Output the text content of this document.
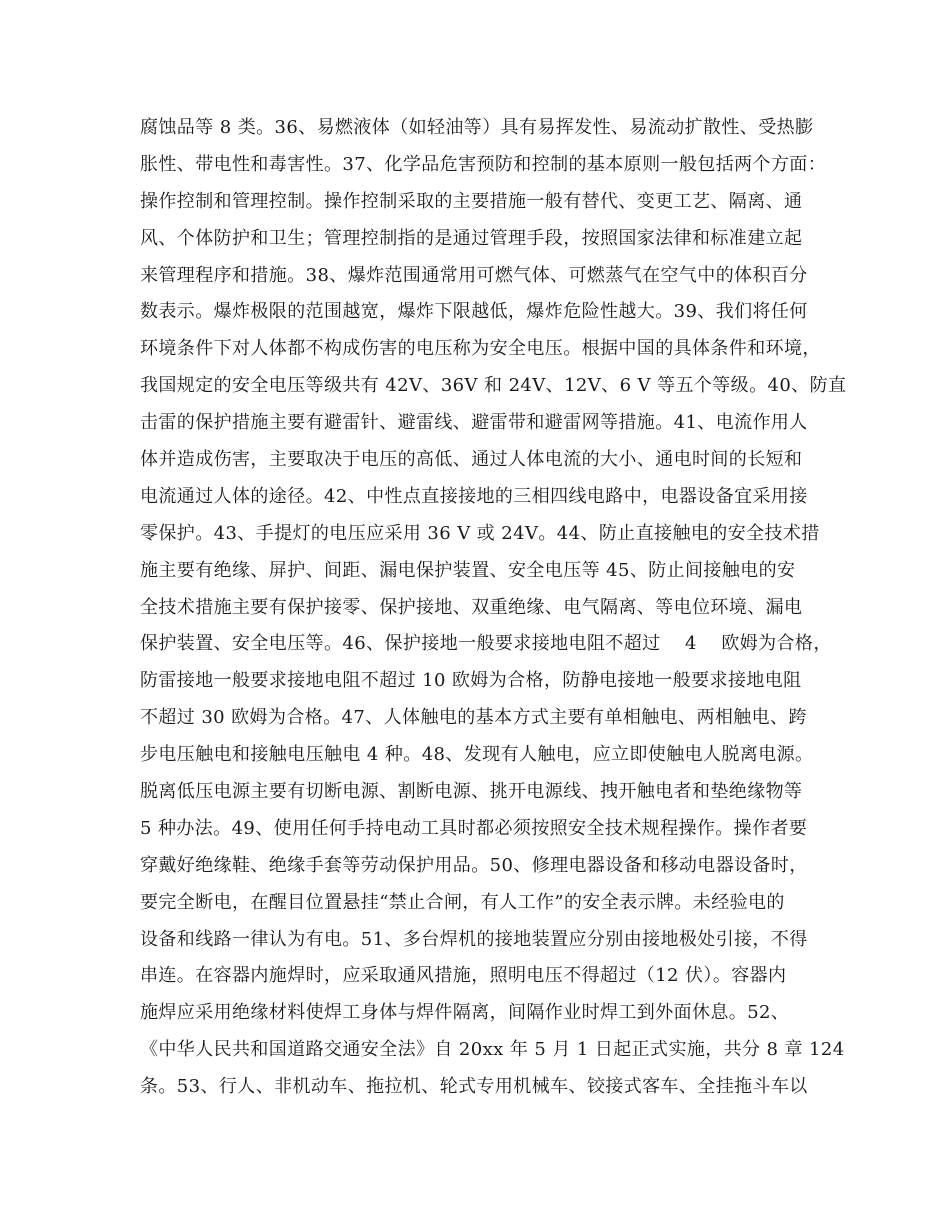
腐蚀品等 8 类。36、易燃液体（如轻油等）具有易挥发性、易流动扩散性、受热膨
胀性、带电性和毒害性。37、化学品危害预防和控制的基本原则一般包括两个方面：
操作控制和管理控制。操作控制采取的主要措施一般有替代、变更工艺、隔离、通
风、个体防护和卫生；管理控制指的是通过管理手段，按照国家法律和标准建立起
来管理程序和措施。38、爆炸范围通常用可燃气体、可燃蒸气在空气中的体积百分
数表示。爆炸极限的范围越宽，爆炸下限越低，爆炸危险性越大。39、我们将任何
环境条件下对人体都不构成伤害的电压称为安全电压。根据中国的具体条件和环境，
我国规定的安全电压等级共有 42V、36V 和 24V、12V、6 V 等五个等级。40、防直
击雷的保护措施主要有避雷针、避雷线、避雷带和避雷网等措施。41、电流作用人
体并造成伤害，主要取决于电压的高低、通过人体电流的大小、通电时间的长短和
电流通过人体的途径。42、中性点直接接地的三相四线电路中，电器设备宜采用接
零保护。43、手提灯的电压应采用 36 V 或 24V。44、防止直接触电的安全技术措
施主要有绝缘、屏护、间距、漏电保护装置、安全电压等 45、防止间接触电的安
全技术措施主要有保护接零、保护接地、双重绝缘、电气隔离、等电位环境、漏电
保护装置、安全电压等。46、保护接地一般要求接地电阻不超过    4    欧姆为合格，
防雷接地一般要求接地电阻不超过 10 欧姆为合格，防静电接地一般要求接地电阻
不超过 30 欧姆为合格。47、人体触电的基本方式主要有单相触电、两相触电、跨
步电压触电和接触电压触电 4 种。48、发现有人触电，应立即使触电人脱离电源。
脱离低压电源主要有切断电源、割断电源、挑开电源线、拽开触电者和垫绝缘物等
5 种办法。49、使用任何手持电动工具时都必须按照安全技术规程操作。操作者要
穿戴好绝缘鞋、绝缘手套等劳动保护用品。50、修理电器设备和移动电器设备时，
要完全断电，在醒目位置悬挂“禁止合闸，有人工作”的安全表示牌。未经验电的
设备和线路一律认为有电。51、多台焊机的接地装置应分别由接地极处引接，不得
串连。在容器内施焊时，应采取通风措施，照明电压不得超过（12 伏）。容器内
施焊应采用绝缘材料使焊工身体与焊件隔离，间隔作业时焊工到外面休息。52、
《中华人民共和国道路交通安全法》自 20xx 年 5 月 1 日起正式实施，共分 8 章 124
条。53、行人、非机动车、拖拉机、轮式专用机械车、铰接式客车、全挂拖斗车以
